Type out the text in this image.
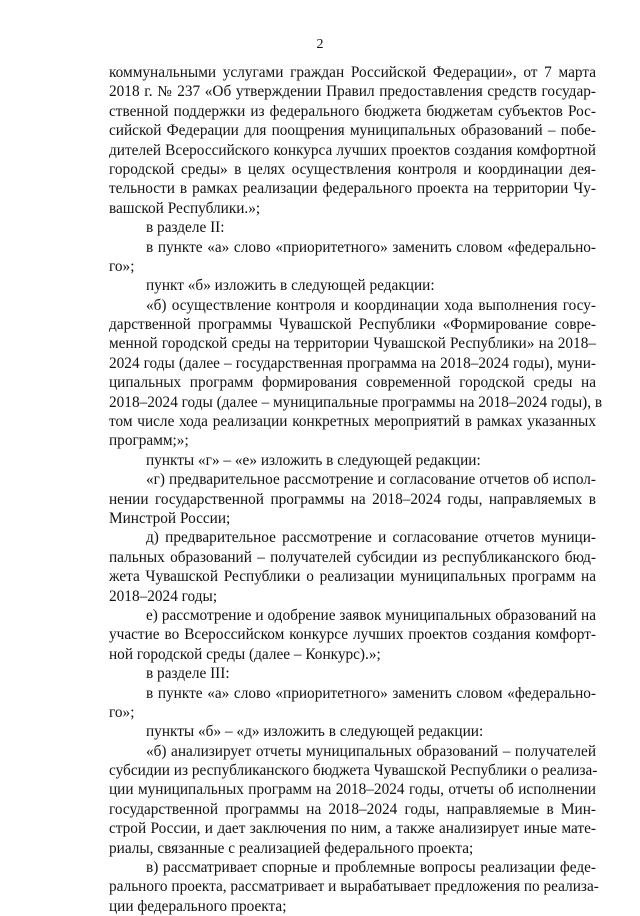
2
коммунальными услугами граждан Российской Федерации», от 7 марта
2018 г. № 237 «Об утверждении Правил предоставления средств государ-
ственной поддержки из федерального бюджета бюджетам субъектов Рос-
сийской Федерации для поощрения муниципальных образований – побе-
дителей Всероссийского конкурса лучших проектов создания комфортной
городской среды» в целях осуществления контроля и координации дея-
тельности в рамках реализации федерального проекта на территории Чу-
вашской Республики.»;
в разделе II:
в пункте «а» слово «приоритетного» заменить словом «федерально-
го»;
пункт «б» изложить в следующей редакции:
«б) осуществление контроля и координации хода выполнения госу-
дарственной программы Чувашской Республики «Формирование совре-
менной городской среды на территории Чувашской Республики» на 2018–
2024 годы (далее – государственная программа на 2018–2024 годы), муни-
ципальных программ формирования современной городской среды на
2018–2024 годы (далее – муниципальные программы на 2018–2024 годы), в
том числе хода реализации конкретных мероприятий в рамках указанных
программ;»;
пункты «г» – «е» изложить в следующей редакции:
«г) предварительное рассмотрение и согласование отчетов об испол-
нении государственной программы на 2018–2024 годы, направляемых в
Минстрой России;
д) предварительное рассмотрение и согласование отчетов муници-
пальных образований – получателей субсидии из республиканского бюд-
жета Чувашской Республики о реализации муниципальных программ на
2018–2024 годы;
е) рассмотрение и одобрение заявок муниципальных образований на
участие во Всероссийском конкурсе лучших проектов создания комфорт-
ной городской среды (далее – Конкурс).»;
в разделе III:
в пункте «а» слово «приоритетного» заменить словом «федерально-
го»;
пункты «б» – «д» изложить в следующей редакции:
«б) анализирует отчеты муниципальных образований – получателей
субсидии из республиканского бюджета Чувашской Республики о реализа-
ции муниципальных программ на 2018–2024 годы, отчеты об исполнении
государственной программы на 2018–2024 годы, направляемые в Мин-
строй России, и дает заключения по ним, а также анализирует иные мате-
риалы, связанные с реализацией федерального проекта;
в) рассматривает спорные и проблемные вопросы реализации феде-
рального проекта, рассматривает и вырабатывает предложения по реализа-
ции федерального проекта;
